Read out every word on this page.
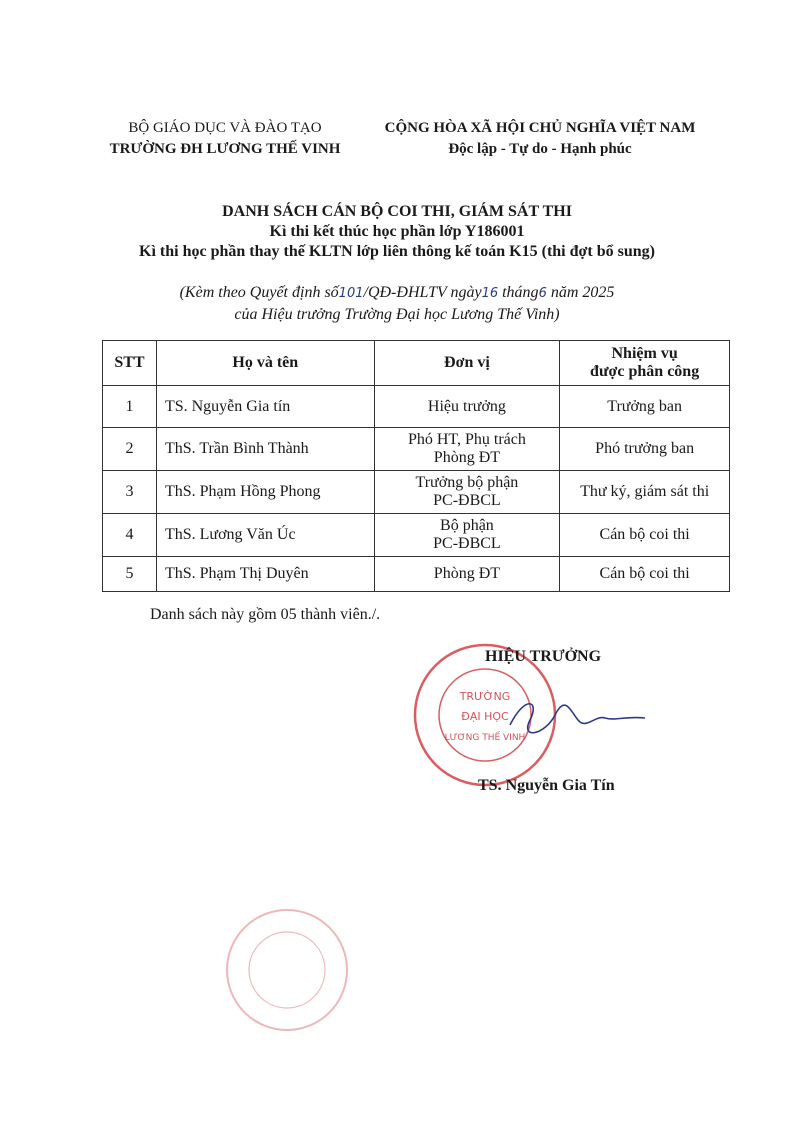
BỘ GIÁO DỤC VÀ ĐÀO TẠO
TRƯỜNG ĐH LƯƠNG THẾ VINH
CỘNG HÒA XÃ HỘI CHỦ NGHĨA VIỆT NAM
Độc lập - Tự do - Hạnh phúc
DANH SÁCH CÁN BỘ COI THI, GIÁM SÁT THI
Kì thi kết thúc học phần lớp Y186001
Kì thi học phần thay thế KLTN lớp liên thông kế toán K15 (thi đợt bổ sung)
(Kèm theo Quyết định số101/QĐ-ĐHLTV ngày16 tháng6 năm 2025
của Hiệu trưởng Trường Đại học Lương Thế Vinh)
STT	Họ và tên	Đơn vị	Nhiệm vụ
được phân công

1	TS. Nguyễn Gia tín	Hiệu trưởng	Trưởng ban
2	ThS. Trần Bình Thành	Phó HT, Phụ trách
Phòng ĐT	Phó trưởng ban
3	ThS. Phạm Hồng Phong	Trưởng bộ phận
PC-ĐBCL	Thư ký, giám sát thi
4	ThS. Lương Văn Úc	Bộ phận
PC-ĐBCL	Cán bộ coi thi
5	ThS. Phạm Thị Duyên	Phòng ĐT	Cán bộ coi thi
Danh sách này gồm 05 thành viên./.
TRƯỜNG
ĐẠI HỌC
LƯƠNG THẾ VINH
HIỆU TRƯỞNG
TS. Nguyễn Gia Tín
